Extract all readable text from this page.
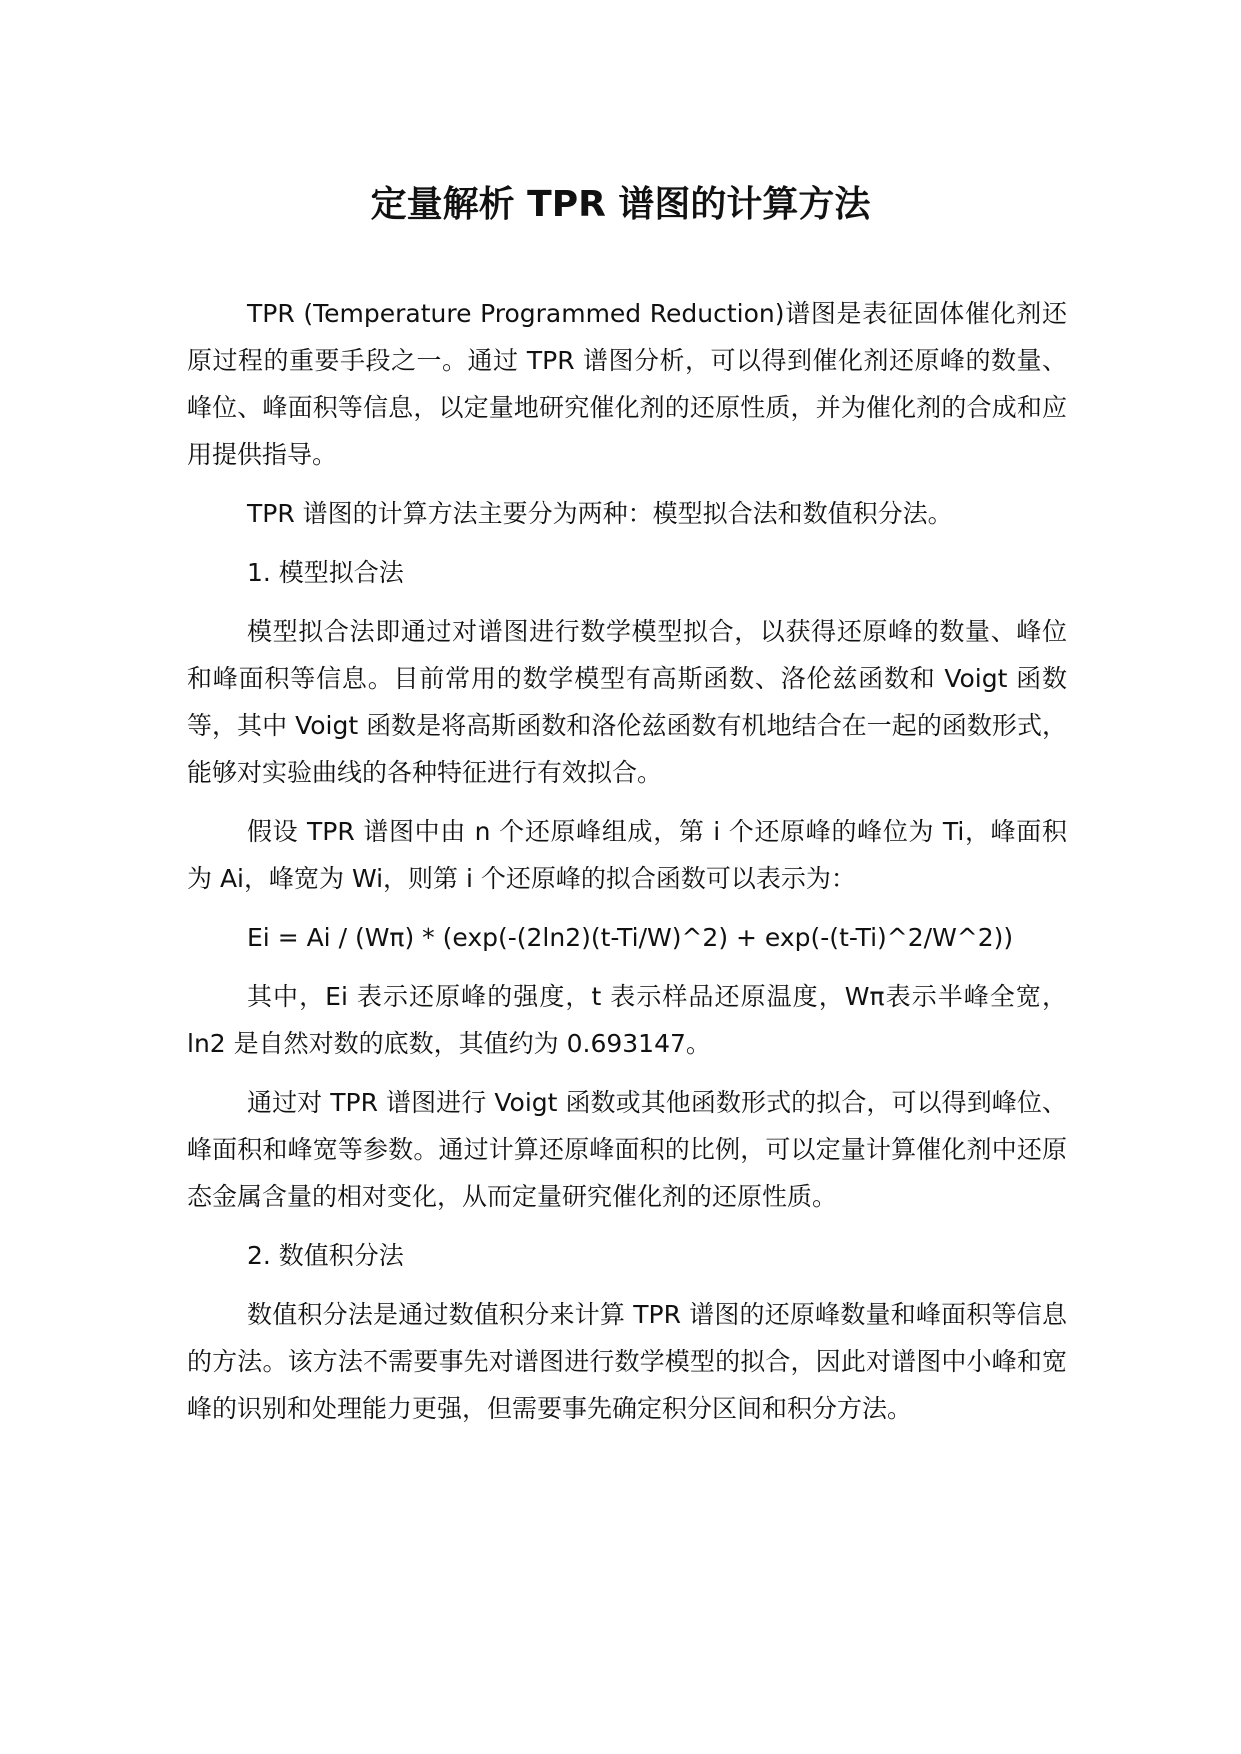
定量解析 TPR 谱图的计算方法

TPR (Temperature Programmed Reduction)谱图是表征固体催化剂还原过程的重要手段之一。通过 TPR 谱图分析，可以得到催化剂还原峰的数量、峰位、峰面积等信息，以定量地研究催化剂的还原性质，并为催化剂的合成和应用提供指导。

TPR 谱图的计算方法主要分为两种：模型拟合法和数值积分法。

1. 模型拟合法

模型拟合法即通过对谱图进行数学模型拟合，以获得还原峰的数量、峰位和峰面积等信息。目前常用的数学模型有高斯函数、洛伦兹函数和 Voigt 函数等，其中 Voigt 函数是将高斯函数和洛伦兹函数有机地结合在一起的函数形式，能够对实验曲线的各种特征进行有效拟合。

假设 TPR 谱图中由 n 个还原峰组成，第 i 个还原峰的峰位为 Ti，峰面积为 Ai，峰宽为 Wi，则第 i 个还原峰的拟合函数可以表示为：

Ei = Ai / (Wπ) * (exp(-(2ln2)(t-Ti/W)^2) + exp(-(t-Ti)^2/W^2))

其中，Ei 表示还原峰的强度，t 表示样品还原温度，Wπ表示半峰全宽，ln2 是自然对数的底数，其值约为 0.693147。

通过对 TPR 谱图进行 Voigt 函数或其他函数形式的拟合，可以得到峰位、峰面积和峰宽等参数。通过计算还原峰面积的比例，可以定量计算催化剂中还原态金属含量的相对变化，从而定量研究催化剂的还原性质。

2. 数值积分法

数值积分法是通过数值积分来计算 TPR 谱图的还原峰数量和峰面积等信息的方法。该方法不需要事先对谱图进行数学模型的拟合，因此对谱图中小峰和宽峰的识别和处理能力更强，但需要事先确定积分区间和积分方法。
